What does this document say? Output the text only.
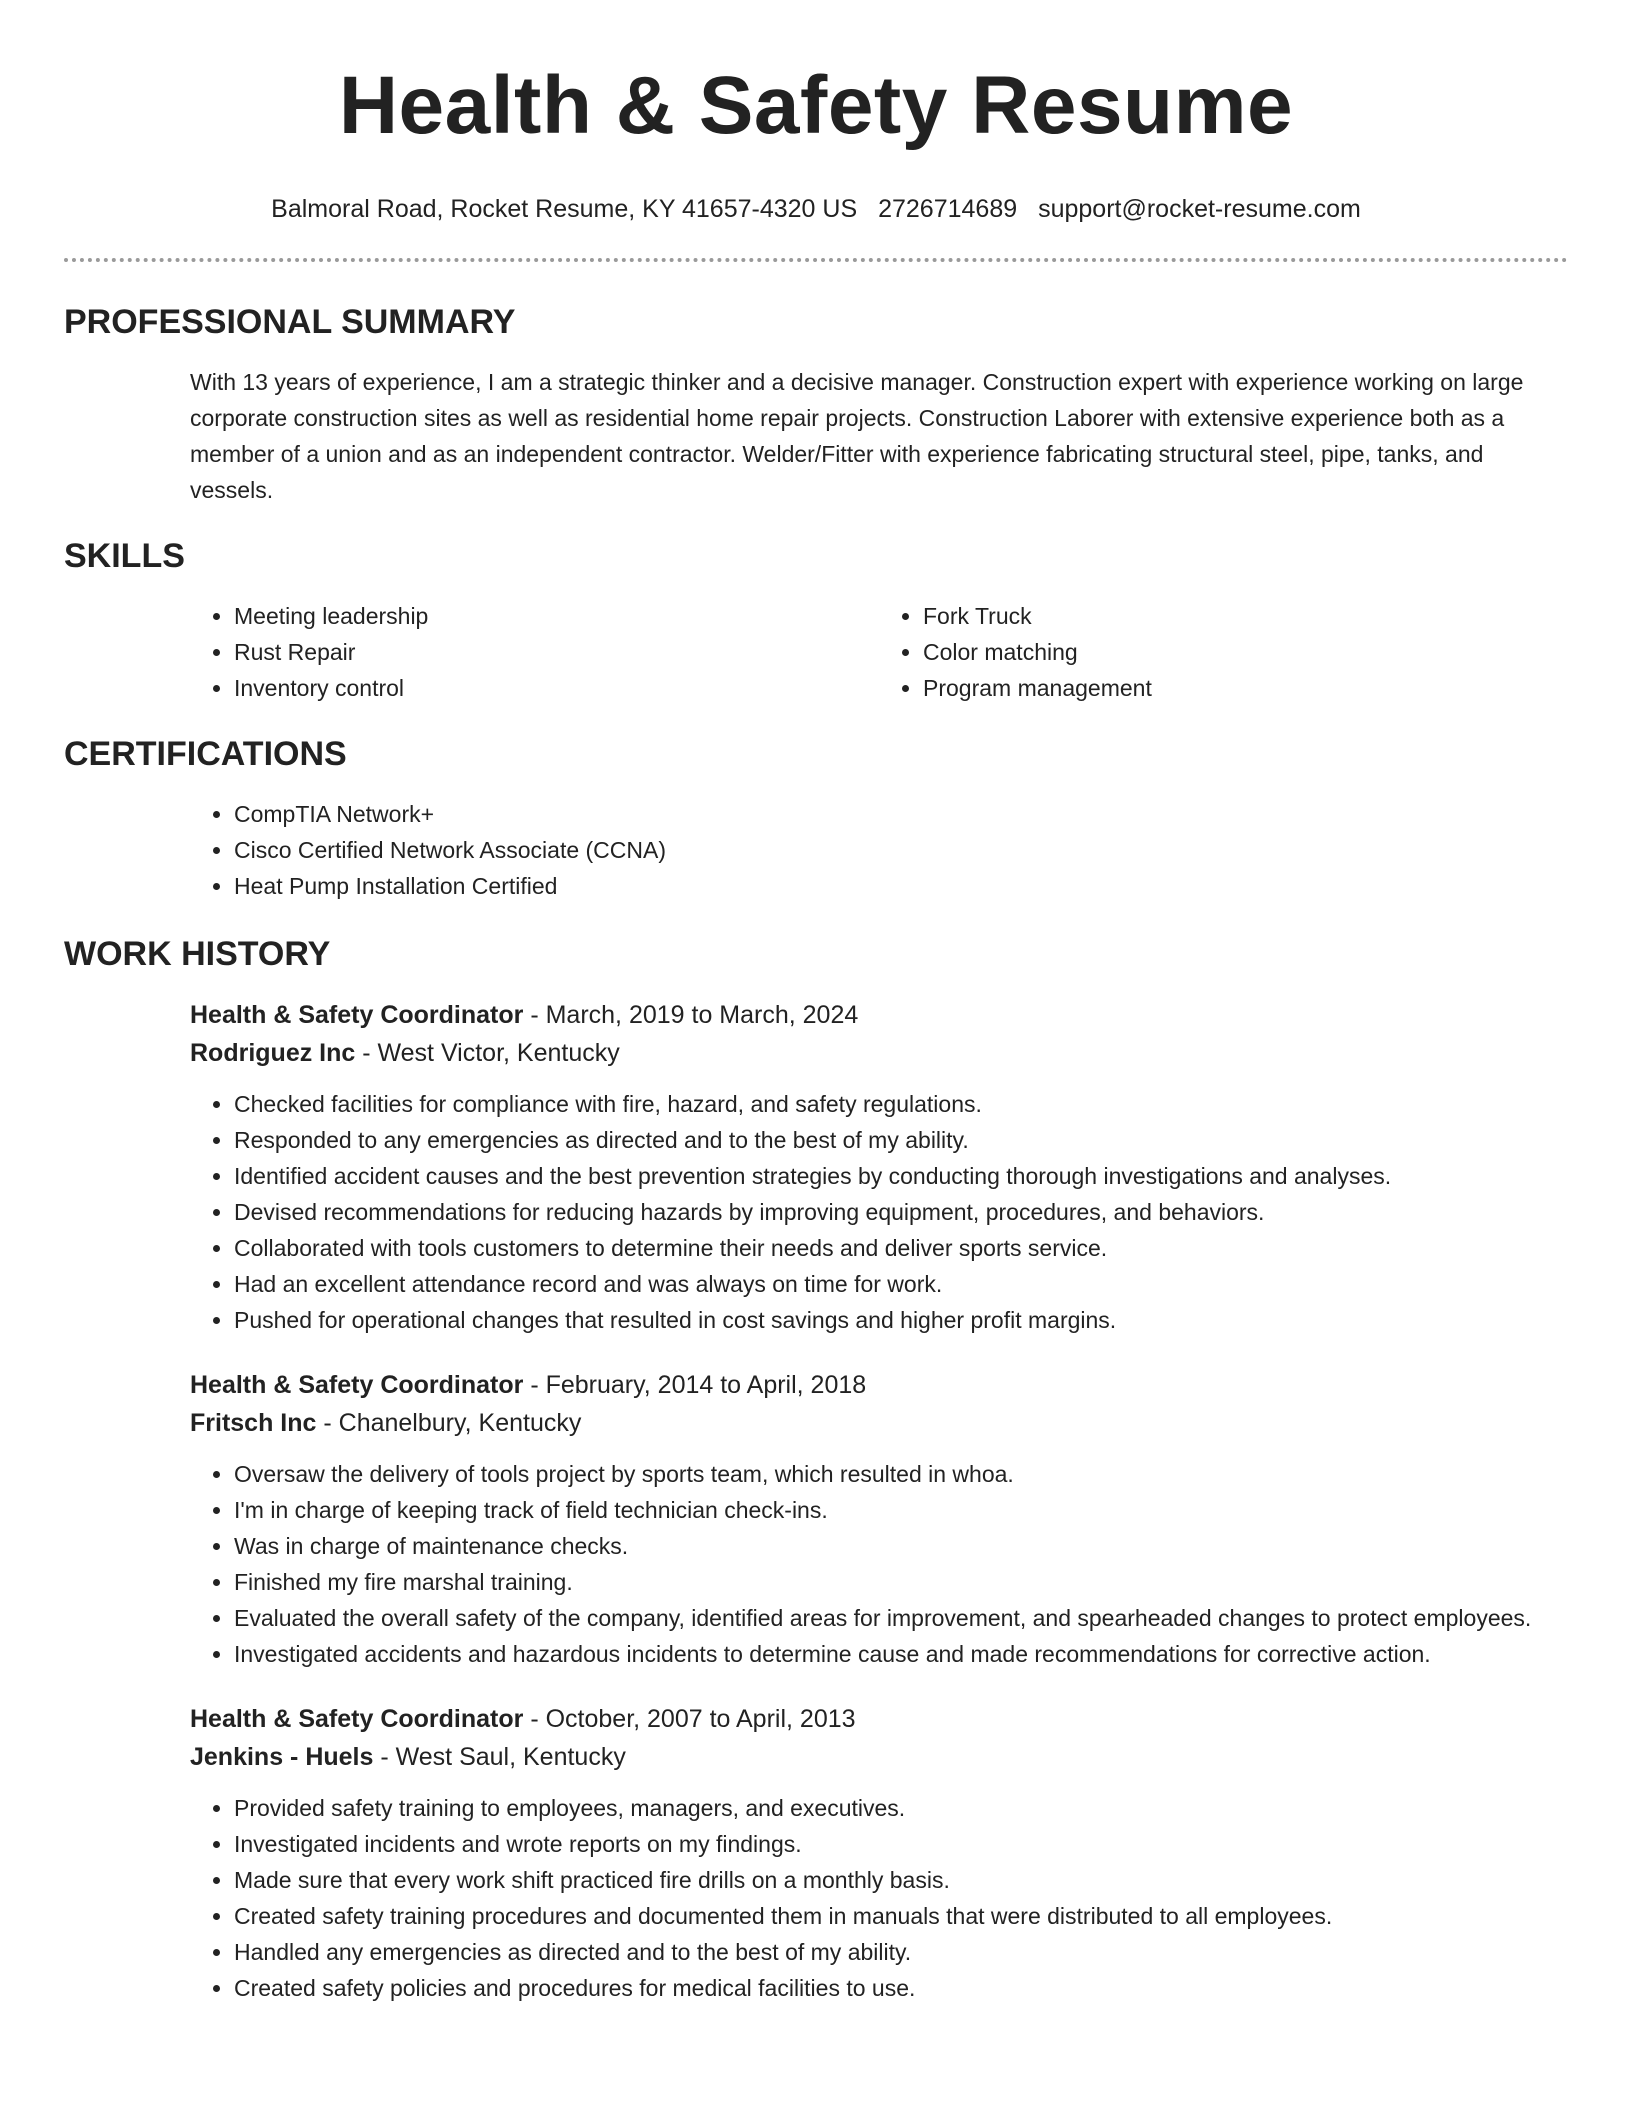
Health & Safety Resume
Balmoral Road, Rocket Resume, KY 41657-4320 US 2726714689 support@rocket-resume.com
PROFESSIONAL SUMMARY

With 13 years of experience, I am a strategic thinker and a decisive manager. Construction expert with experience working on large corporate construction sites as well as residential home repair projects. Construction Laborer with extensive experience both as a member of a union and as an independent contractor. Welder/Fitter with experience fabricating structural steel, pipe, tanks, and vessels.

SKILLS
• Meeting leadership
• Rust Repair
• Inventory control
• Fork Truck
• Color matching
• Program management
CERTIFICATIONS
• CompTIA Network+
• Cisco Certified Network Associate (CCNA)
• Heat Pump Installation Certified
WORK HISTORY
Health & Safety Coordinator - March, 2019 to March, 2024
Rodriguez Inc - West Victor, Kentucky
• Checked facilities for compliance with fire, hazard, and safety regulations.
• Responded to any emergencies as directed and to the best of my ability.
• Identified accident causes and the best prevention strategies by conducting thorough investigations and analyses.
• Devised recommendations for reducing hazards by improving equipment, procedures, and behaviors.
• Collaborated with tools customers to determine their needs and deliver sports service.
• Had an excellent attendance record and was always on time for work.
• Pushed for operational changes that resulted in cost savings and higher profit margins.
Health & Safety Coordinator - February, 2014 to April, 2018
Fritsch Inc - Chanelbury, Kentucky
• Oversaw the delivery of tools project by sports team, which resulted in whoa.
• I'm in charge of keeping track of field technician check-ins.
• Was in charge of maintenance checks.
• Finished my fire marshal training.
• Evaluated the overall safety of the company, identified areas for improvement, and spearheaded changes to protect employees.
• Investigated accidents and hazardous incidents to determine cause and made recommendations for corrective action.
Health & Safety Coordinator - October, 2007 to April, 2013
Jenkins - Huels - West Saul, Kentucky
• Provided safety training to employees, managers, and executives.
• Investigated incidents and wrote reports on my findings.
• Made sure that every work shift practiced fire drills on a monthly basis.
• Created safety training procedures and documented them in manuals that were distributed to all employees.
• Handled any emergencies as directed and to the best of my ability.
• Created safety policies and procedures for medical facilities to use.
